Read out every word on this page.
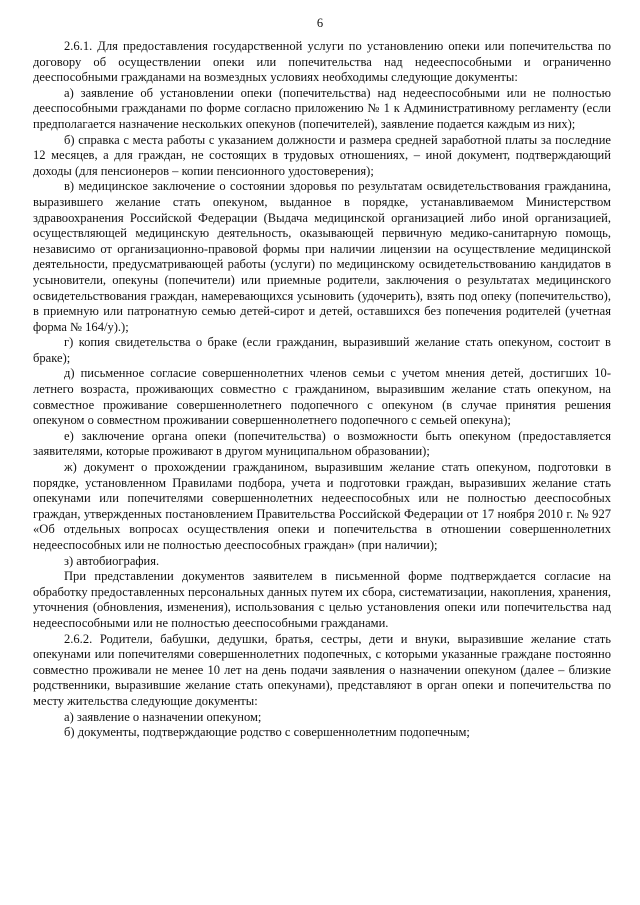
6

2.6.1. Для предоставления государственной услуги по установлению опеки или попечительства по договору об осуществлении опеки или попечительства над недееспособными и ограниченно дееспособными гражданами на возмездных условиях необходимы следующие документы:

а) заявление об установлении опеки (попечительства) над недееспособными или не полностью дееспособными гражданами по форме согласно приложению № 1 к Административному регламенту (если предполагается назначение нескольких опекунов (попечителей), заявление подается каждым из них);

б) справка с места работы с указанием должности и размера средней заработной платы за последние 12 месяцев, а для граждан, не состоящих в трудовых отношениях, – иной документ, подтверждающий доходы (для пенсионеров – копии пенсионного удостоверения);

в) медицинское заключение о состоянии здоровья по результатам освидетельствования гражданина, выразившего желание стать опекуном, выданное в порядке, устанавливаемом Министерством здравоохранения Российской Федерации (Выдача медицинской организацией либо иной организацией, осуществляющей медицинскую деятельность, оказывающей первичную медико-санитарную помощь, независимо от организационно-правовой формы при наличии лицензии на осуществление медицинской деятельности, предусматривающей работы (услуги) по медицинскому освидетельствованию кандидатов в усыновители, опекуны (попечители) или приемные родители, заключения о результатах медицинского освидетельствования граждан, намеревающихся усыновить (удочерить), взять под опеку (попечительство), в приемную или патронатную семью детей-сирот и детей, оставшихся без попечения родителей (учетная форма № 164/у).);

г) копия свидетельства о браке (если гражданин, выразивший желание стать опекуном, состоит в браке);

д) письменное согласие совершеннолетних членов семьи с учетом мнения детей, достигших 10-летнего возраста, проживающих совместно с гражданином, выразившим желание стать опекуном, на совместное проживание совершеннолетнего подопечного с опекуном (в случае принятия решения опекуном о совместном проживании совершеннолетнего подопечного с семьей опекуна);

е) заключение органа опеки (попечительства) о возможности быть опекуном (предоставляется заявителями, которые проживают в другом муниципальном образовании);

ж) документ о прохождении гражданином, выразившим желание стать опекуном, подготовки в порядке, установленном Правилами подбора, учета и подготовки граждан, выразивших желание стать опекунами или попечителями совершеннолетних недееспособных или не полностью дееспособных граждан, утвержденных постановлением Правительства Российской Федерации от 17 ноября 2010 г. № 927 «Об отдельных вопросах осуществления опеки и попечительства в отношении совершеннолетних недееспособных или не полностью дееспособных граждан» (при наличии);

з) автобиография.

При представлении документов заявителем в письменной форме подтверждается согласие на обработку предоставленных персональных данных путем их сбора, систематизации, накопления, хранения, уточнения (обновления, изменения), использования с целью установления опеки или попечительства над недееспособными или не полностью дееспособными гражданами.

2.6.2. Родители, бабушки, дедушки, братья, сестры, дети и внуки, выразившие желание стать опекунами или попечителями совершеннолетних подопечных, с которыми указанные граждане постоянно совместно проживали не менее 10 лет на день подачи заявления о назначении опекуном (далее – близкие родственники, выразившие желание стать опекунами), представляют в орган опеки и попечительства по месту жительства следующие документы:

а) заявление о назначении опекуном;

б) документы, подтверждающие родство с совершеннолетним подопечным;
